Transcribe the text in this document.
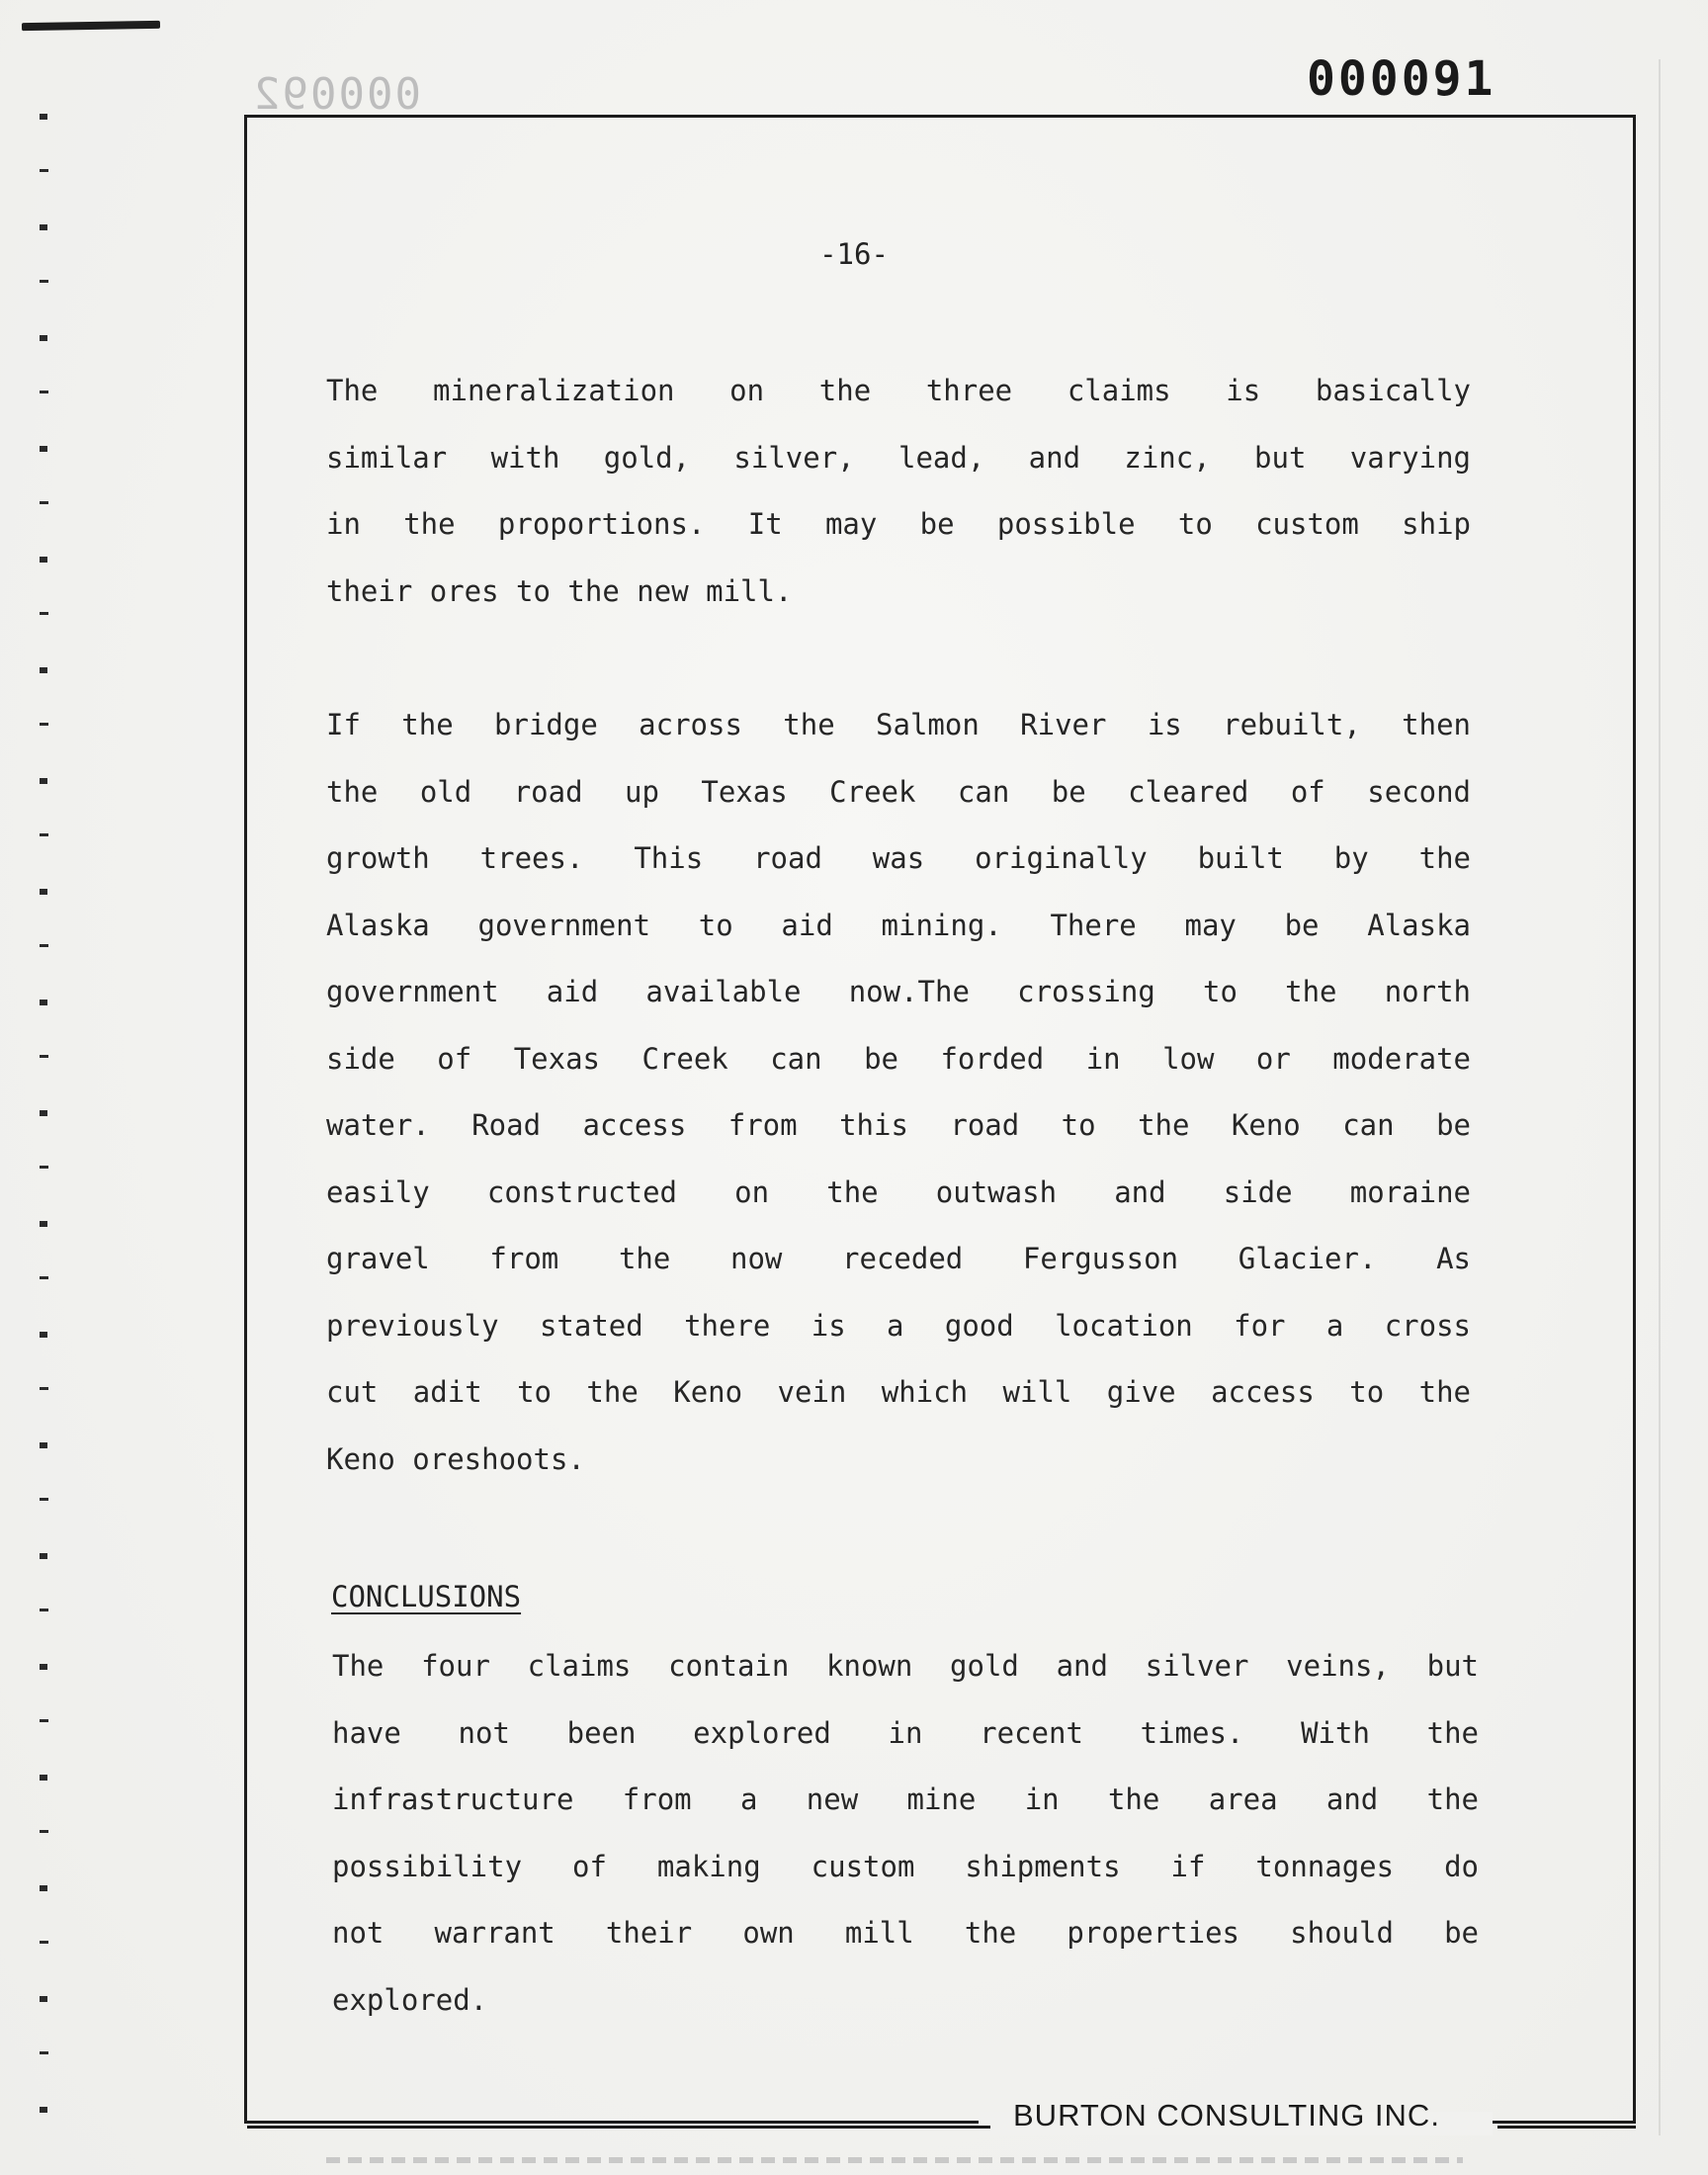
000092	000091
-16-
The mineralization on the three claims is basically
similar with gold, silver, lead, and zinc, but varying
in the proportions. It may be possible to custom ship
their ores to the new mill.
If the bridge across the Salmon River is rebuilt, then
the old road up Texas Creek can be cleared of second
growth trees. This road was originally built by the
Alaska government to aid mining. There may be Alaska
government aid available now.The crossing to the north
side of Texas Creek can be forded in low or moderate
water. Road access from this road to the Keno can be
easily constructed on the outwash and side moraine
gravel from the now receded Fergusson Glacier. As
previously stated there is a good location for a cross
cut adit to the Keno vein which will give access to the
Keno oreshoots.
CONCLUSIONS
The four claims contain known gold and silver veins, but
have not been explored in recent times. With the
infrastructure from a new mine in the area and the
possibility of making custom shipments if tonnages do
not warrant their own mill the properties should be
explored.
BURTON CONSULTING INC.
